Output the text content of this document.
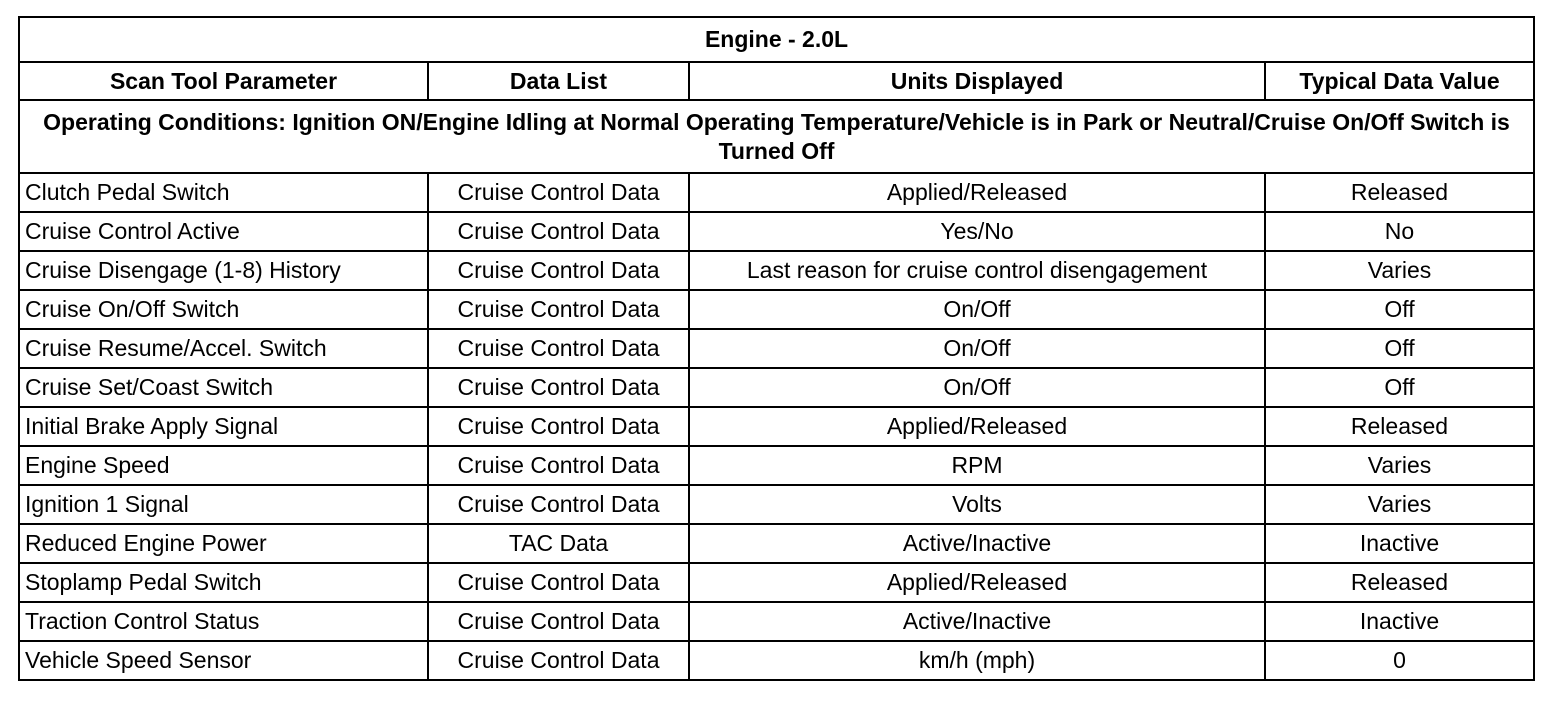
Engine - 2.0L			
Scan Tool Parameter	Data List	Units Displayed	Typical Data Value
Operating Conditions: Ignition ON/Engine Idling at Normal Operating Temperature/Vehicle is in Park or Neutral/Cruise On/Off Switch is Turned Off			
Clutch Pedal Switch	Cruise Control Data	Applied/Released	Released
Cruise Control Active	Cruise Control Data	Yes/No	No
Cruise Disengage (1-8) History	Cruise Control Data	Last reason for cruise control disengagement	Varies
Cruise On/Off Switch	Cruise Control Data	On/Off	Off
Cruise Resume/Accel. Switch	Cruise Control Data	On/Off	Off
Cruise Set/Coast Switch	Cruise Control Data	On/Off	Off
Initial Brake Apply Signal	Cruise Control Data	Applied/Released	Released
Engine Speed	Cruise Control Data	RPM	Varies
Ignition 1 Signal	Cruise Control Data	Volts	Varies
Reduced Engine Power	TAC Data	Active/Inactive	Inactive
Stoplamp Pedal Switch	Cruise Control Data	Applied/Released	Released
Traction Control Status	Cruise Control Data	Active/Inactive	Inactive
Vehicle Speed Sensor	Cruise Control Data	km/h (mph)	0
